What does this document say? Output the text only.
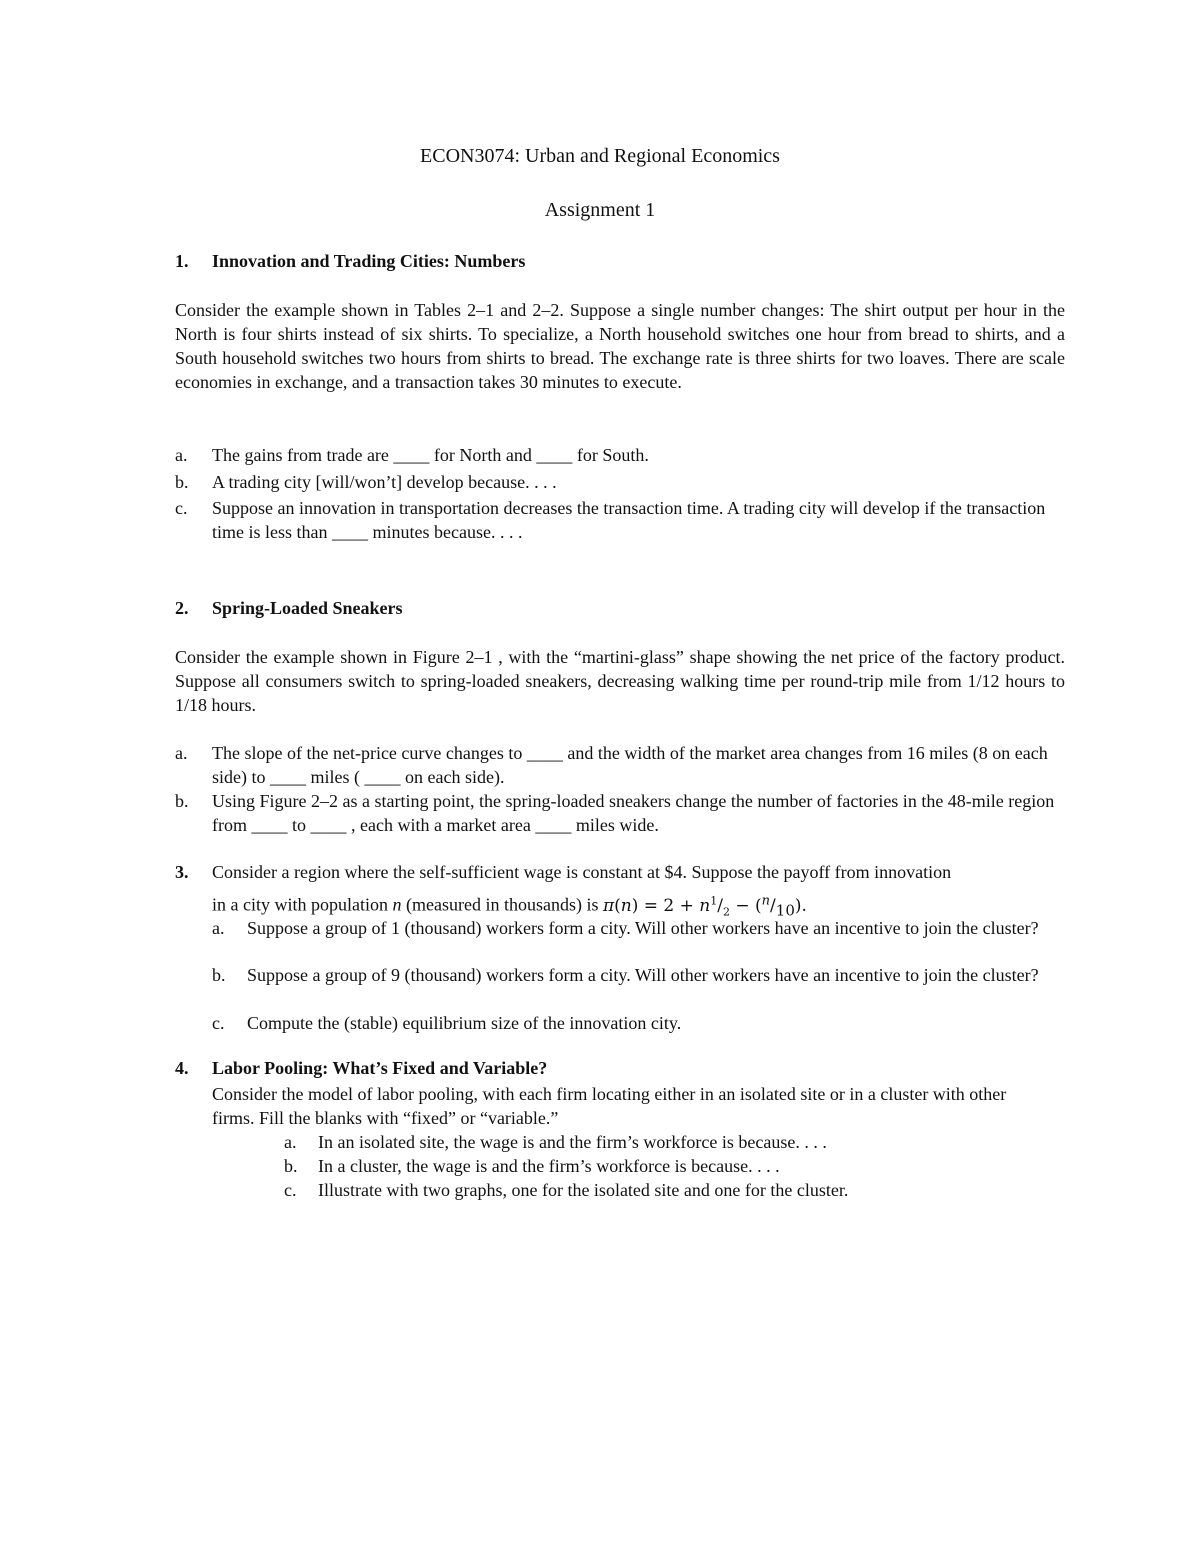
ECON3074: Urban and Regional Economics
Assignment 1
1. Innovation and Trading Cities: Numbers
Consider the example shown in Tables 2–1 and 2–2. Suppose a single number changes: The shirt output per hour in the North is four shirts instead of six shirts. To specialize, a North household switches one hour from bread to shirts, and a South household switches two hours from shirts to bread. The exchange rate is three shirts for two loaves. There are scale economies in exchange, and a transaction takes 30 minutes to execute.
a. The gains from trade are ____ for North and ____ for South.
b. A trading city [will/won’t] develop because. . . .
c. Suppose an innovation in transportation decreases the transaction time. A trading city will develop if the transaction time is less than ____ minutes because. . . .
2. Spring-Loaded Sneakers
Consider the example shown in Figure 2–1 , with the “martini-glass” shape showing the net price of the factory product. Suppose all consumers switch to spring-loaded sneakers, decreasing walking time per round-trip mile from 1/12 hours to 1/18 hours.
a. The slope of the net-price curve changes to ____ and the width of the market area changes from 16 miles (8 on each side) to ____ miles ( ____ on each side).
b. Using Figure 2–2 as a starting point, the spring-loaded sneakers change the number of factories in the 48-mile region from ____ to ____ , each with a market area ____ miles wide.
3. Consider a region where the self-sufficient wage is constant at $4. Suppose the payoff from innovation
in a city with population n (measured in thousands) is $\pi(n) = 2 + n^1/_2 - (^n/_{10})$.
a. Suppose a group of 1 (thousand) workers form a city. Will other workers have an incentive to join the cluster?
b. Suppose a group of 9 (thousand) workers form a city. Will other workers have an incentive to join the cluster?
c. Compute the (stable) equilibrium size of the innovation city.
4. Labor Pooling: What’s Fixed and Variable?
Consider the model of labor pooling, with each firm locating either in an isolated site or in a cluster with other firms. Fill the blanks with “fixed” or “variable.”
a. In an isolated site, the wage is and the firm’s workforce is because. . . .
b. In a cluster, the wage is and the firm’s workforce is because. . . .
c. Illustrate with two graphs, one for the isolated site and one for the cluster.
